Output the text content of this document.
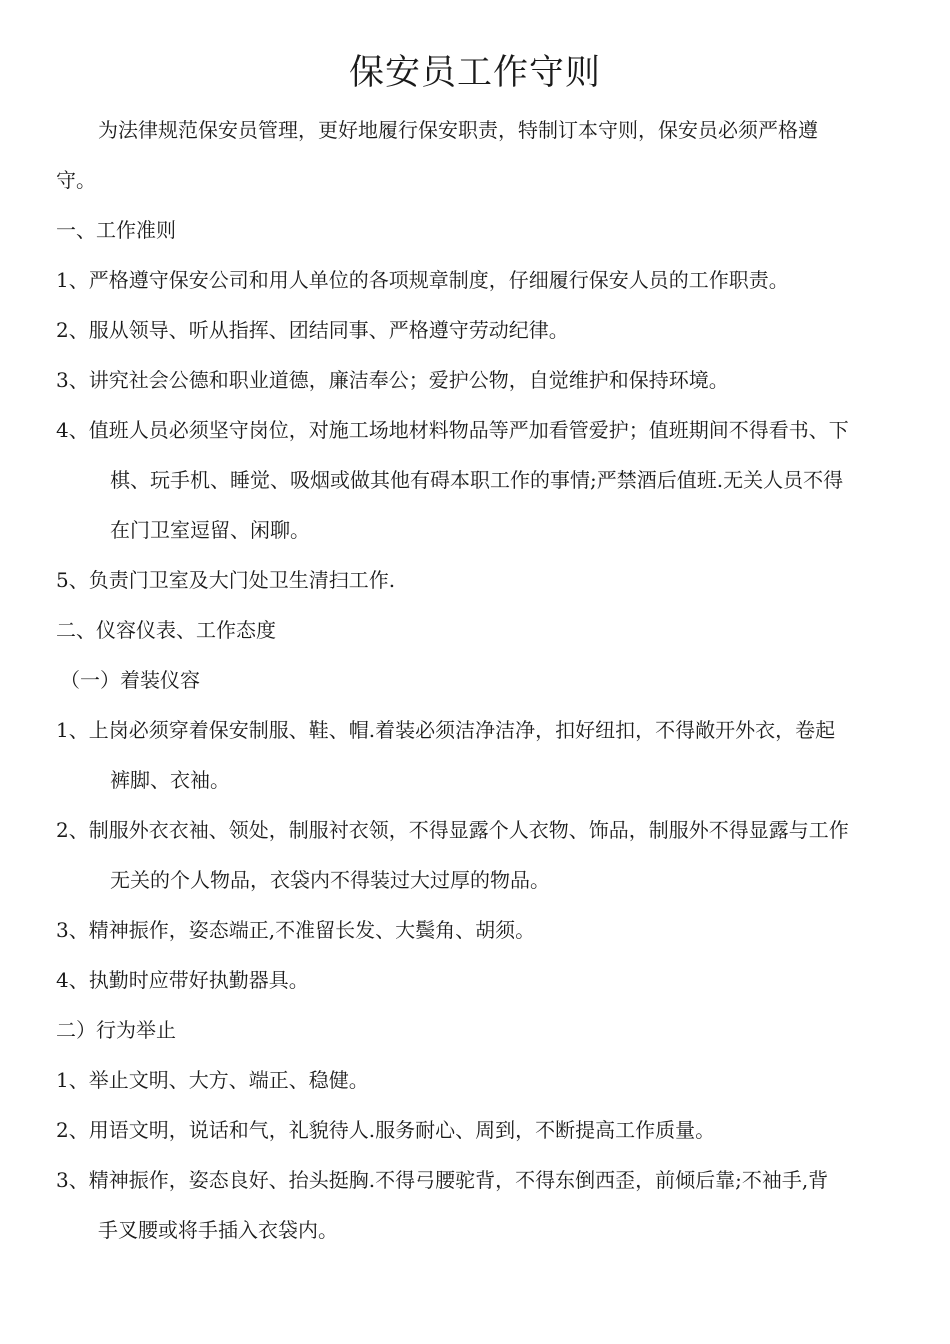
保安员工作守则

为法律规范保安员管理，更好地履行保安职责，特制订本守则，保安员必须严格遵

守。

一、工作准则

1、严格遵守保安公司和用人单位的各项规章制度，仔细履行保安人员的工作职责。

2、服从领导、听从指挥、团结同事、严格遵守劳动纪律。

3、讲究社会公德和职业道德，廉洁奉公；爱护公物，自觉维护和保持环境。

4、值班人员必须坚守岗位，对施工场地材料物品等严加看管爱护；值班期间不得看书、下

棋、玩手机、睡觉、吸烟或做其他有碍本职工作的事情;严禁酒后值班.无关人员不得

在门卫室逗留、闲聊。

5、负责门卫室及大门处卫生清扫工作.

二、仪容仪表、工作态度

（一）着装仪容

1、上岗必须穿着保安制服、鞋、帽.着装必须洁净洁净，扣好纽扣，不得敞开外衣，卷起

裤脚、衣袖。

2、制服外衣衣袖、领处，制服衬衣领，不得显露个人衣物、饰品，制服外不得显露与工作

无关的个人物品，衣袋内不得装过大过厚的物品。

3、精神振作，姿态端正,不准留长发、大鬓角、胡须。

4、执勤时应带好执勤器具。

二）行为举止

1、举止文明、大方、端正、稳健。

2、用语文明，说话和气，礼貌待人.服务耐心、周到，不断提高工作质量。

3、精神振作，姿态良好、抬头挺胸.不得弓腰驼背，不得东倒西歪，前倾后靠;不袖手,背

手叉腰或将手插入衣袋内。
